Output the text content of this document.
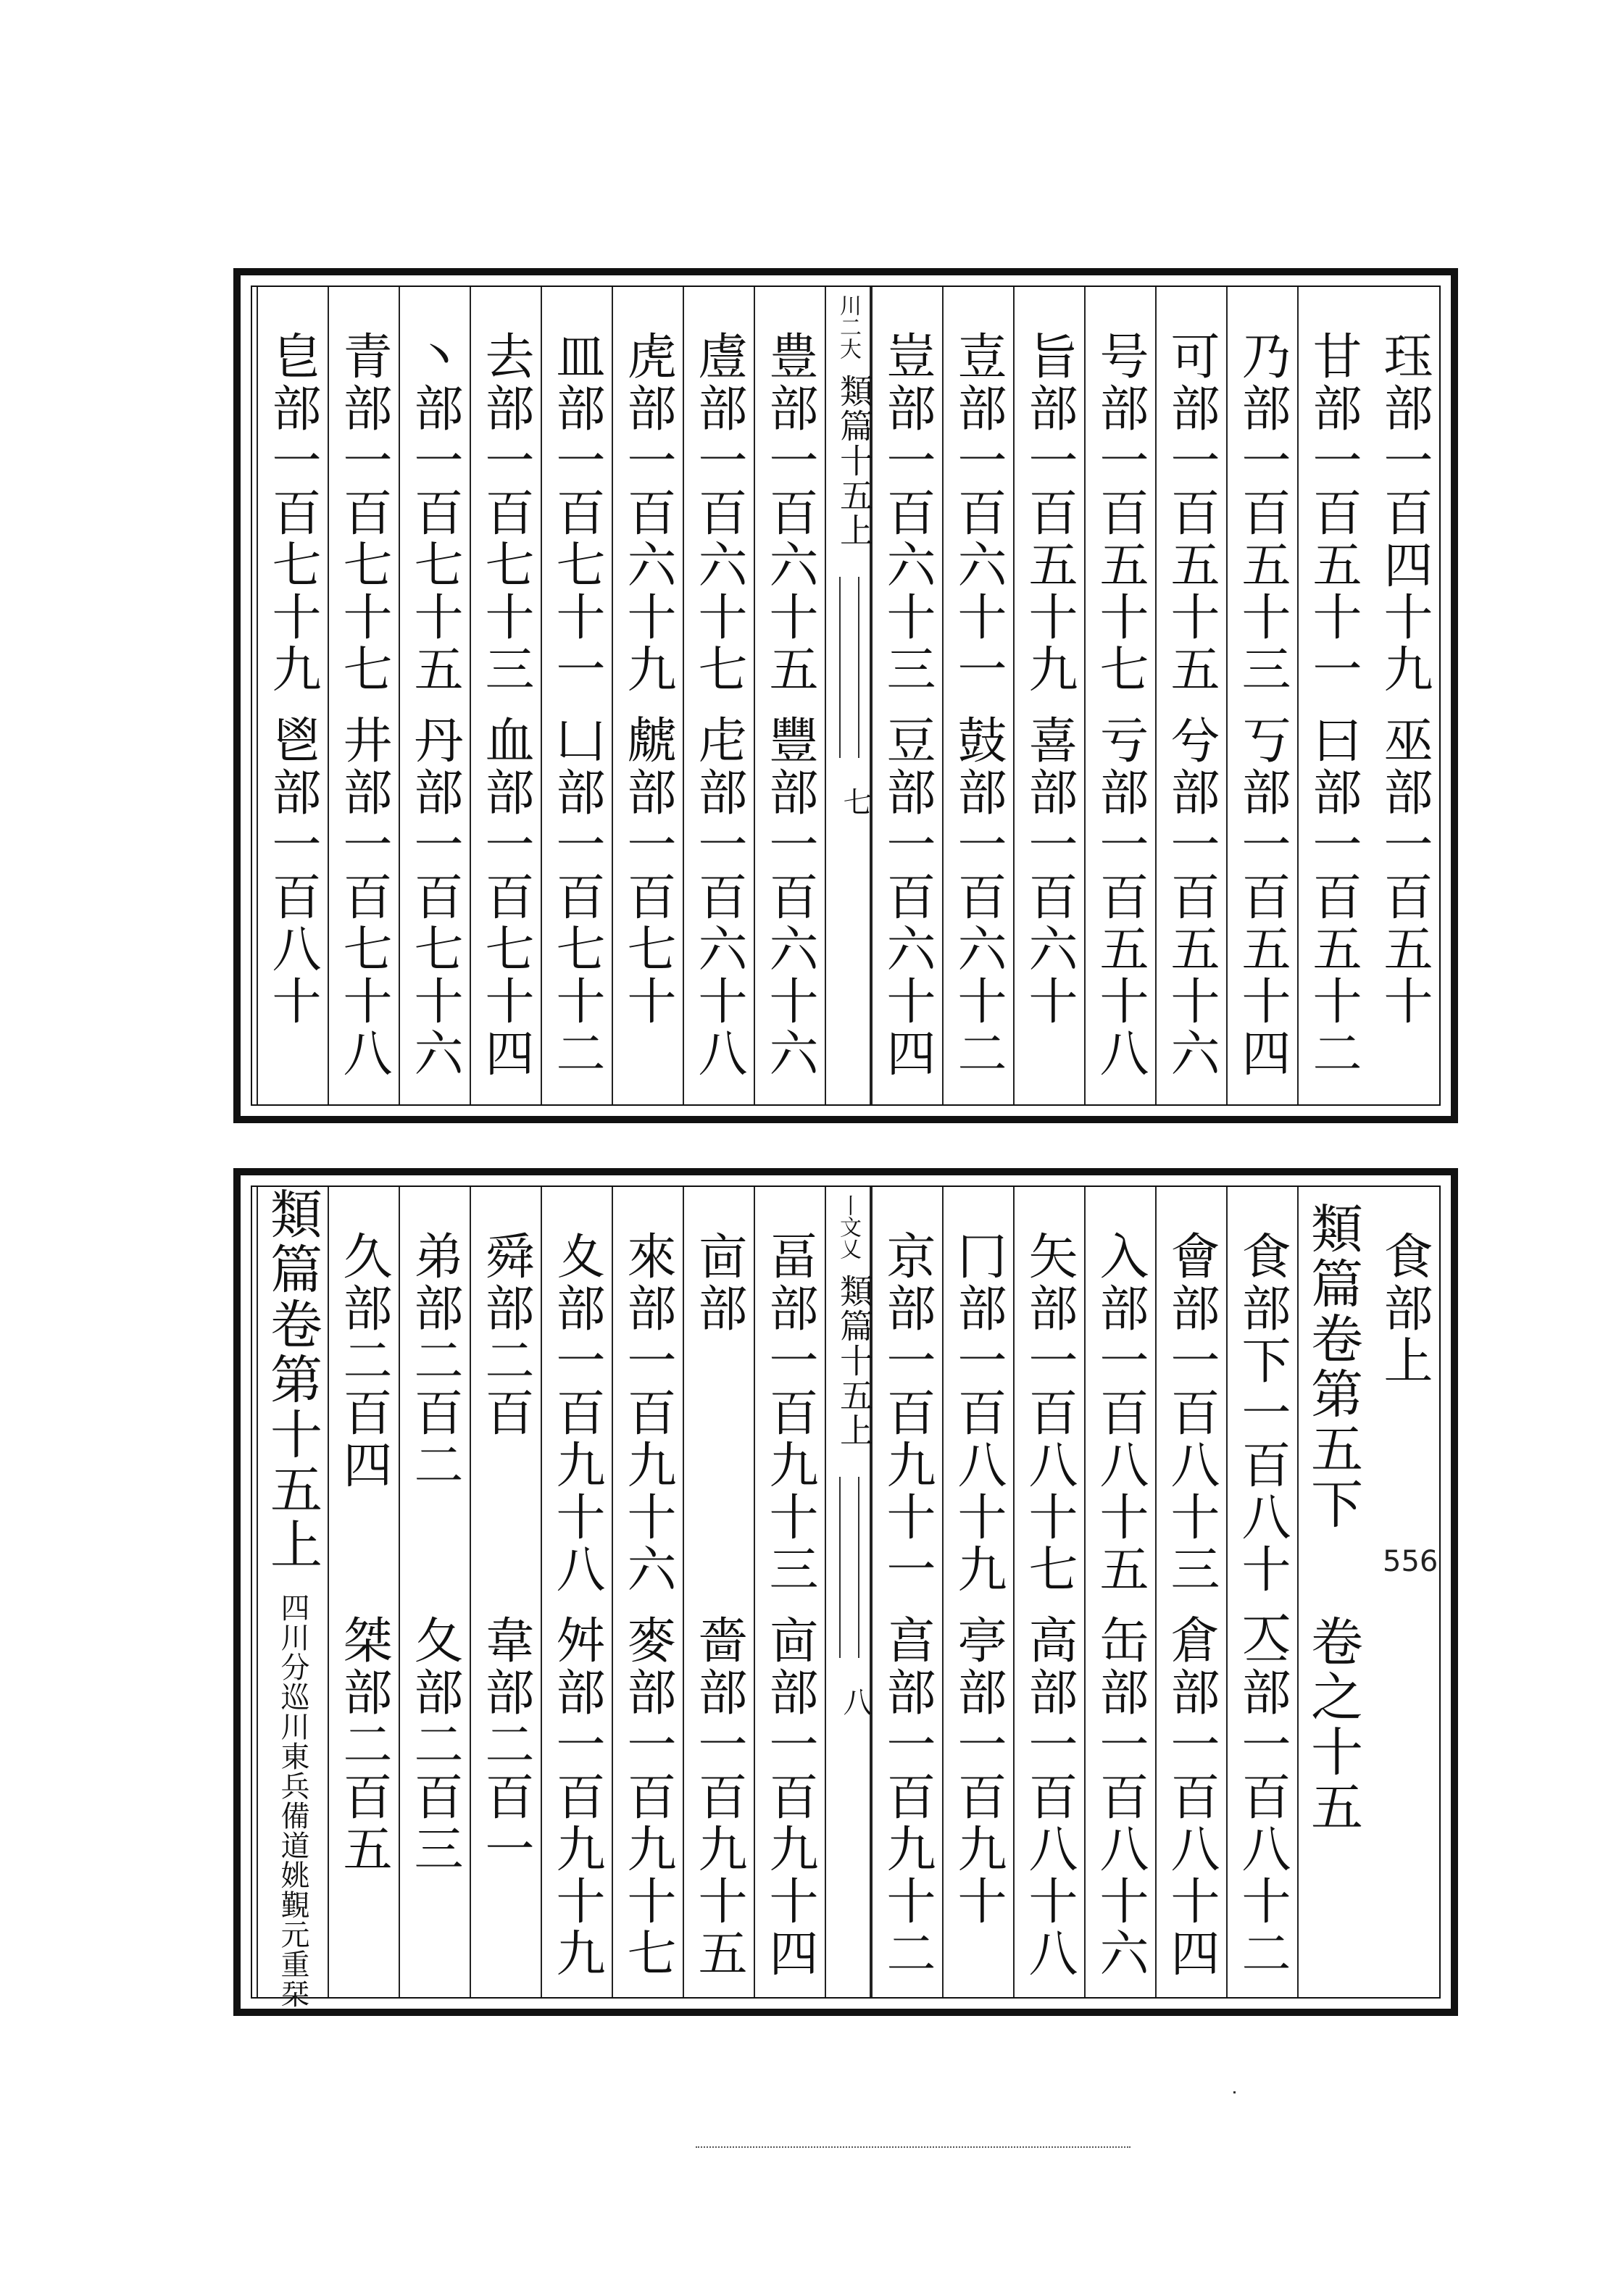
珏部一百四十九
巫部一百五十
甘部一百五十一
曰部一百五十二
乃部一百五十三
丂部一百五十四
可部一百五十五
兮部一百五十六
号部一百五十七
亏部一百五十八
旨部一百五十九
喜部一百六十
壴部一百六十一
鼓部一百六十二
豈部一百六十三
豆部一百六十四
川二大
類篇十五上
七
豊部一百六十五
豐部一百六十六
䖒部一百六十七
虍部一百六十八
虎部一百六十九
虤部一百七十
皿部一百七十一
凵部一百七十二
去部一百七十三
血部一百七十四
丶部一百七十五
丹部一百七十六
青部一百七十七
井部一百七十八
皀部一百七十九
鬯部一百八十
食部上
類篇卷第五下
卷之十五
食部下一百八十一
亼部一百八十二
會部一百八十三
倉部一百八十四
入部一百八十五
缶部一百八十六
矢部一百八十七
高部一百八十八
冂部一百八十九
亭部一百九十
京部一百九十一
亯部一百九十二
丨文乂
類篇十五上
八
畐部一百九十三
㐭部一百九十四
㐭部
嗇部一百九十五
來部一百九十六
麥部一百九十七
夊部一百九十八
舛部一百九十九
舜部二百
韋部二百一
弟部二百二
夂部二百三
久部二百四
桀部二百五
類篇卷第十五上
四川分巡川東兵備道姚覲元重栞
556
